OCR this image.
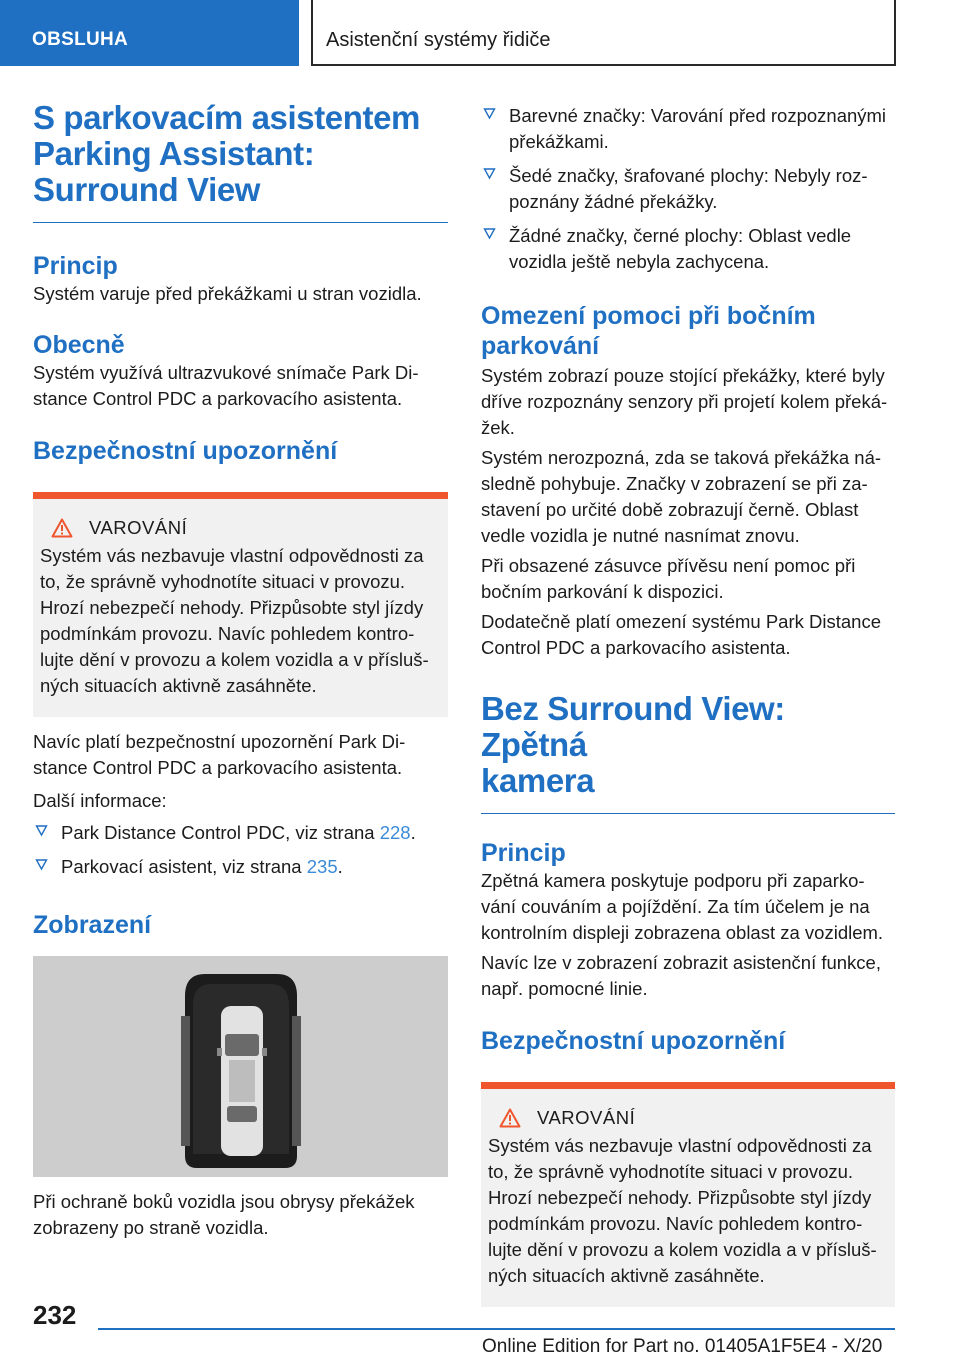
OBSLUHA	Asistenční systémy řidiče
S parkovacím asistentem
Parking Assistant:
Surround View
Princip

Systém varuje před překážkami u stran vozidla.

Obecně

Systém využívá ultrazvukové snímače Park Di-
stance Control PDC a parkovacího asistenta.

Bezpečnostní upozornění
VAROVÁNÍ

Systém vás nezbavuje vlastní odpovědnosti za
to, že správně vyhodnotíte situaci v provozu.
Hrozí nebezpečí nehody. Přizpůsobte styl jízdy
podmínkám provozu. Navíc pohledem kontro-
lujte dění v provozu a kolem vozidla a v přísluš-
ných situacích aktivně zasáhněte.

Navíc platí bezpečnostní upozornění Park Di-
stance Control PDC a parkovacího asistenta.

Další informace:

Park Distance Control PDC, viz strana 228.
Parkovací asistent, viz strana 235.
Zobrazení

Při ochraně boků vozidla jsou obrysy překážek
zobrazeny po straně vozidla.

Barevné značky: Varování před rozpoznanými
překážkami.
Šedé značky, šrafované plochy: Nebyly roz-
poznány žádné překážky.
Žádné značky, černé plochy: Oblast vedle
vozidla ještě nebyla zachycena.
Omezení pomoci při bočním
parkování

Systém zobrazí pouze stojící překážky, které byly
dříve rozpoznány senzory při projetí kolem překá-
žek.

Systém nerozpozná, zda se taková překážka ná-
sledně pohybuje. Značky v zobrazení se při za-
stavení po určité době zobrazují černě. Oblast
vedle vozidla je nutné nasnímat znovu.

Při obsazené zásuvce přívěsu není pomoc při
bočním parkování k dispozici.

Dodatečně platí omezení systému Park Distance
Control PDC a parkovacího asistenta.

Bez Surround View: Zpětná
kamera
Princip

Zpětná kamera poskytuje podporu při zaparko-
vání couváním a pojíždění. Za tím účelem je na
kontrolním displeji zobrazena oblast za vozidlem.

Navíc lze v zobrazení zobrazit asistenční funkce,
např. pomocné linie.

Bezpečnostní upozornění
VAROVÁNÍ

Systém vás nezbavuje vlastní odpovědnosti za
to, že správně vyhodnotíte situaci v provozu.
Hrozí nebezpečí nehody. Přizpůsobte styl jízdy
podmínkám provozu. Navíc pohledem kontro-
lujte dění v provozu a kolem vozidla a v přísluš-
ných situacích aktivně zasáhněte.

232
Online Edition for Part no. 01405A1F5E4 - X/20
